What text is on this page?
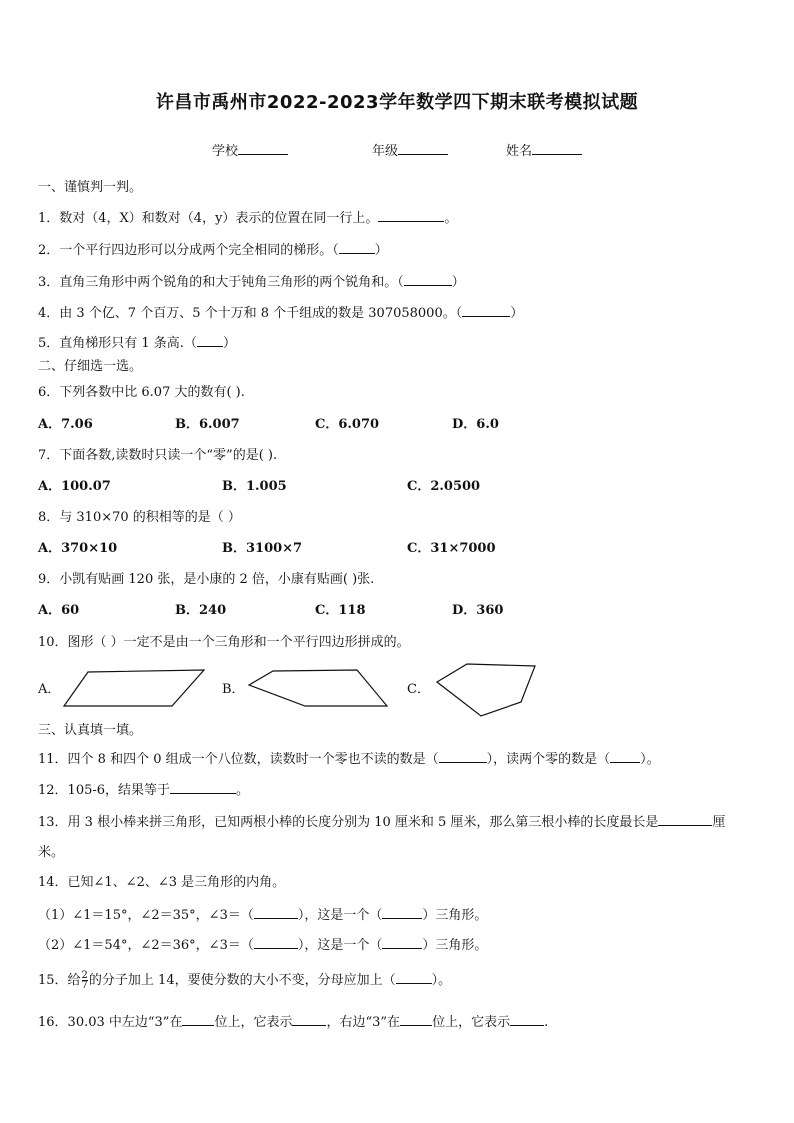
许昌市禹州市2022-2023学年数学四下期末联考模拟试题
学校	年级	姓名
一、谨慎判一判。
1．数对（4，X）和数对（4，y）表示的位置在同一行上。	。
2．一个平行四边形可以分成两个完全相同的梯形。（	）
3．直角三角形中两个锐角的和大于钝角三角形的两个锐角和。（	）
4．由 3 个亿、7 个百万、5 个十万和 8 个千组成的数是 307058000。（	）
5．直角梯形只有 1 条高.（ ）
二、仔细选一选。
6．下列各数中比 6.07 大的数有( ).
A．7.06	B．6.007	C．6.070	D．6.0
7．下面各数,读数时只读一个“零”的是( ).
A．100.07	B．1.005	C．2.0500
8．与 310×70 的积相等的是（ ）
A．370×10	B．3100×7	C．31×7000
9．小凯有贴画 120 张，是小康的 2 倍，小康有贴画( )张.
A．60	B．240	C．118	D．360
10．图形（ ）一定不是由一个三角形和一个平行四边形拼成的。
A．	B．	C．
三、认真填一填。
11．四个 8 和四个 0 组成一个八位数，读数时一个零也不读的数是（	），读两个零的数是（ ）。
12．105-6，结果等于	。
13．用 3 根小棒来拼三角形，已知两根小棒的长度分别为 10 厘米和 5 厘米，那么第三根小棒的长度最长是	厘
米。
14．已知∠1、∠2、∠3 是三角形的内角。
（1）∠1＝15°，∠2＝35°，∠3＝（	），这是一个（	）三角形。
（2）∠1＝54°，∠2＝36°，∠3＝（	），这是一个（	）三角形。
15．给 $\frac{2}{7}$ 的分子加上 14，要使分数的大小不变，分母应加上（	）。
16．30.03 中左边“3”在 位上，它表示	，右边“3”在 位上，它表示	.
